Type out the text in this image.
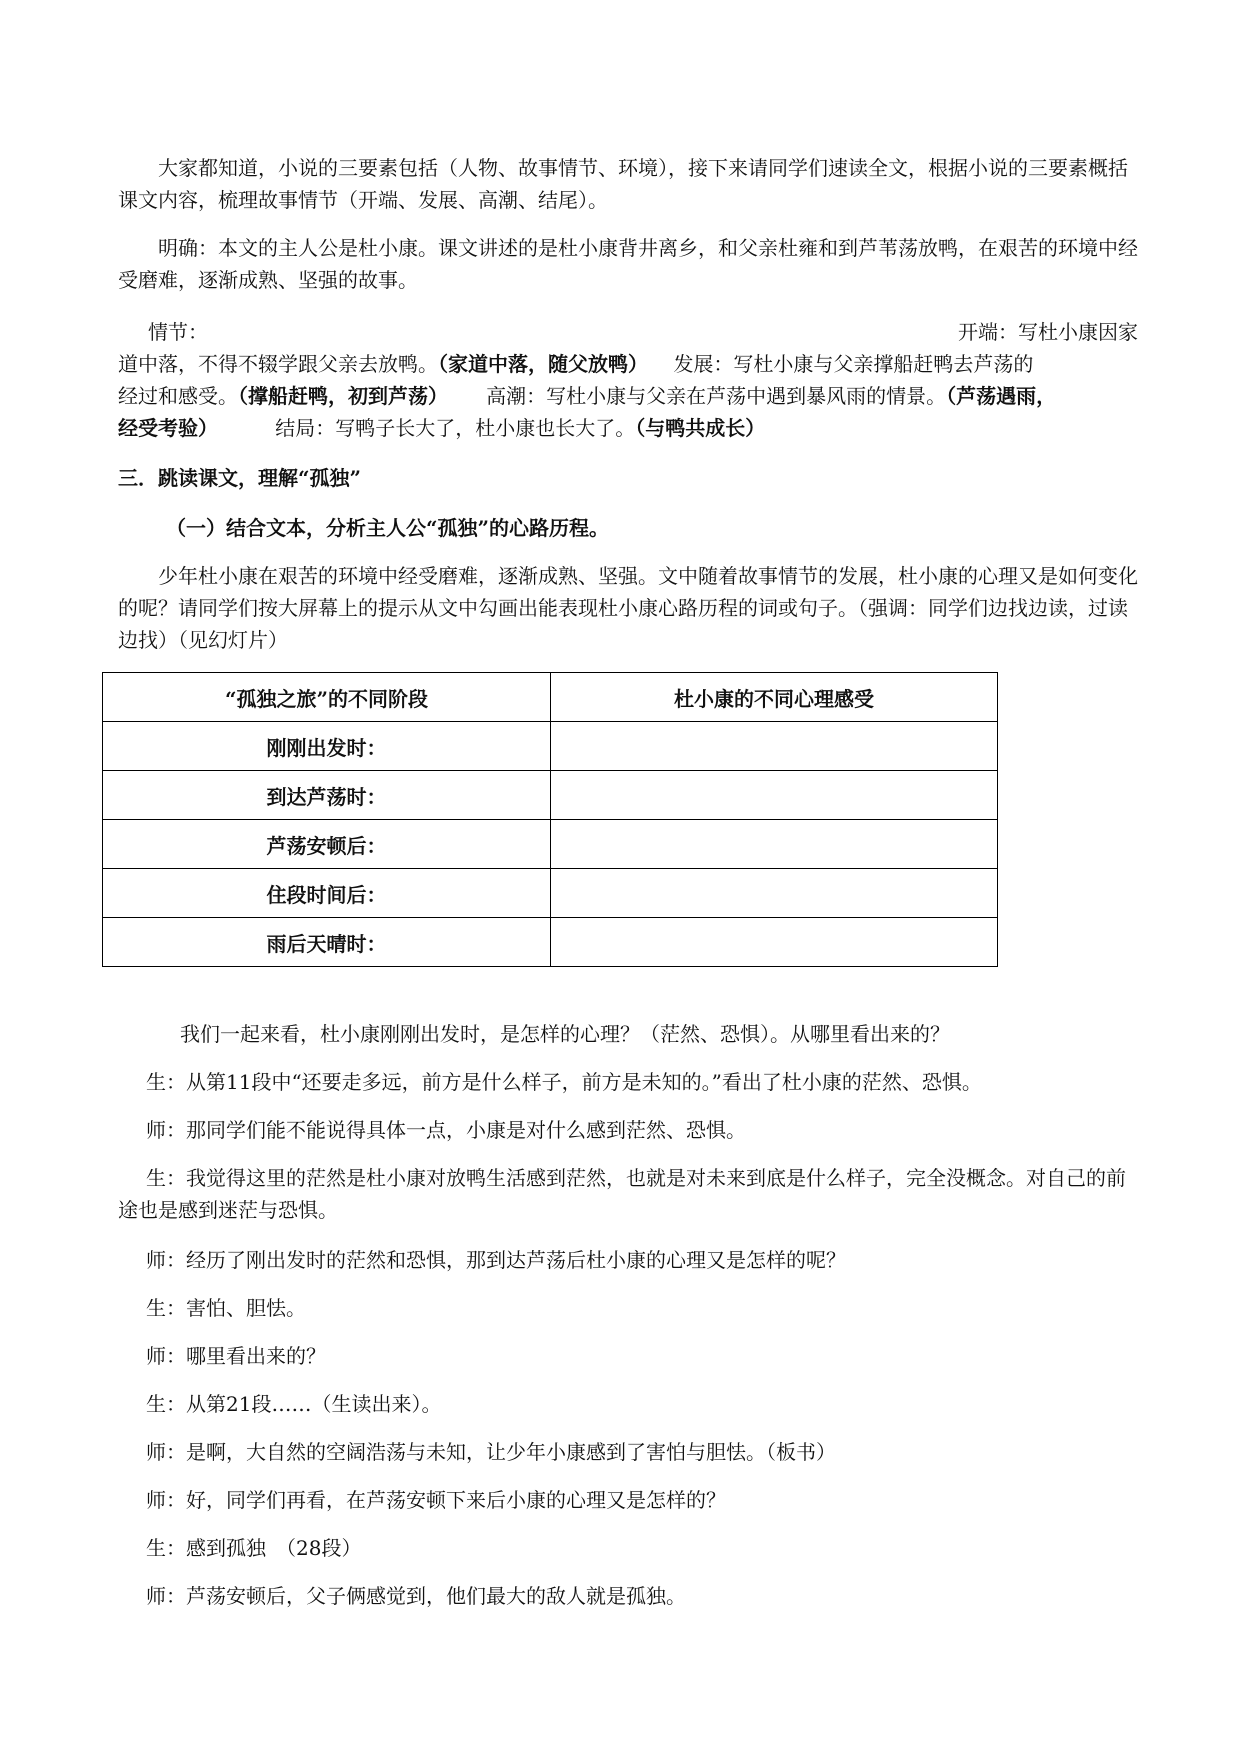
大家都知道，小说的三要素包括（人物、故事情节、环境），接下来请同学们速读全文，根据小说的三要素概括课文内容，梳理故事情节（开端、发展、高潮、结尾）。

明确：本文的主人公是杜小康。课文讲述的是杜小康背井离乡，和父亲杜雍和到芦苇荡放鸭，在艰苦的环境中经受磨难，逐渐成熟、坚强的故事。

情节：	开端：写杜小康因家
道中落，不得不辍学跟父亲去放鸭。（家道中落，随父放鸭） 发展：写杜小康与父亲撑船赶鸭去芦荡的
经过和感受。（撑船赶鸭，初到芦荡） 高潮：写杜小康与父亲在芦荡中遇到暴风雨的情景。（芦荡遇雨，
经受考验）	结局：写鸭子长大了，杜小康也长大了。（与鸭共成长）

三．跳读课文，理解“孤独”

（一）结合文本，分析主人公“孤独”的心路历程。

少年杜小康在艰苦的环境中经受磨难，逐渐成熟、坚强。文中随着故事情节的发展，杜小康的心理又是如何变化的呢？请同学们按大屏幕上的提示从文中勾画出能表现杜小康心路历程的词或句子。（强调：同学们边找边读，过读边找）（见幻灯片）

“孤独之旅”的不同阶段	杜小康的不同心理感受
刚刚出发时：	
到达芦荡时：	
芦荡安顿后：	
住段时间后：	
雨后天晴时：	

我们一起来看，杜小康刚刚出发时，是怎样的心理？（茫然、恐惧）。从哪里看出来的？

生：从第11段中“还要走多远，前方是什么样子，前方是未知的。”看出了杜小康的茫然、恐惧。

师：那同学们能不能说得具体一点，小康是对什么感到茫然、恐惧。

生：我觉得这里的茫然是杜小康对放鸭生活感到茫然，也就是对未来到底是什么样子，完全没概念。对自己的前途也是感到迷茫与恐惧。

师：经历了刚出发时的茫然和恐惧，那到达芦荡后杜小康的心理又是怎样的呢？

生：害怕、胆怯。

师：哪里看出来的？

生：从第21段……（生读出来）。

师：是啊，大自然的空阔浩荡与未知，让少年小康感到了害怕与胆怯。（板书）

师：好，同学们再看，在芦荡安顿下来后小康的心理又是怎样的？

生：感到孤独　（28段）

师：芦荡安顿后，父子俩感觉到，他们最大的敌人就是孤独。
